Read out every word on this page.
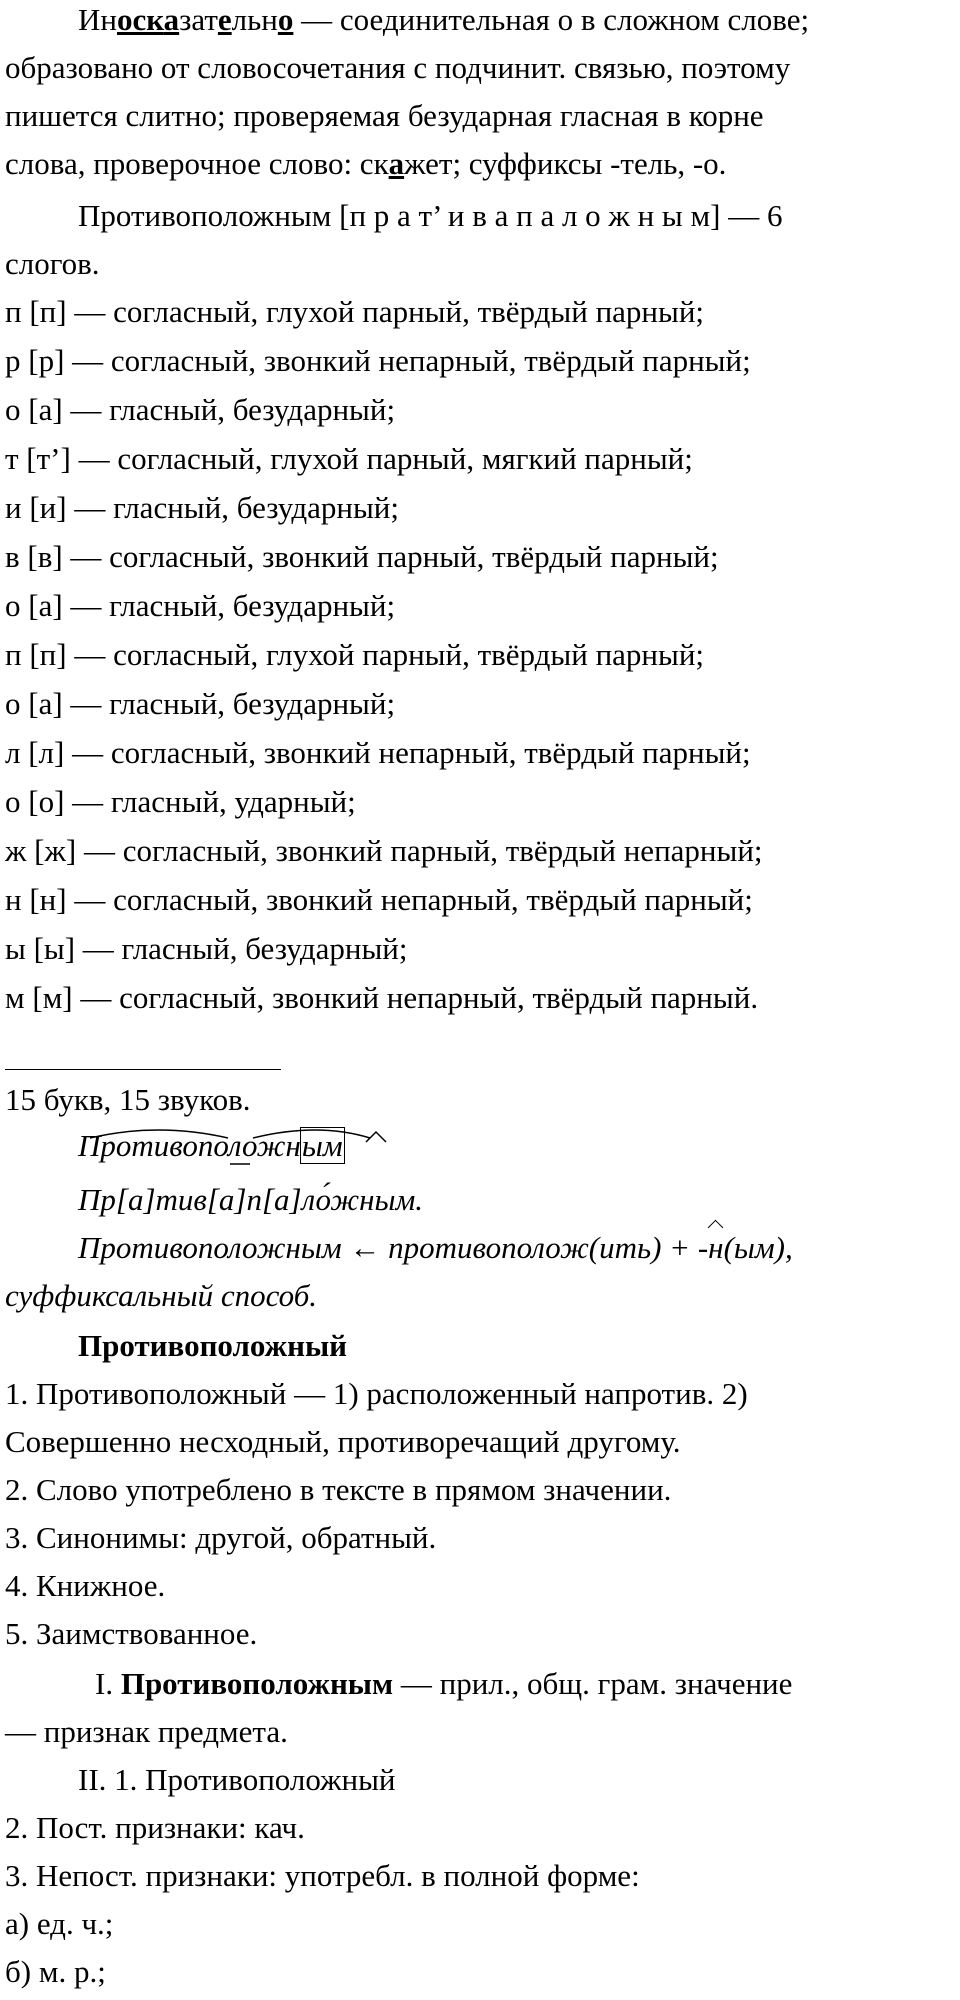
Иносказательно — соединительная о в сложном слове;
образовано от словосочетания с подчинит. связью, поэтому
пишется слитно; проверяемая безударная гласная в корне
слова, проверочное слово: скажет; суффиксы -тель, -о.
Противоположным [п р а т’ и в а п а л о ж н ы м] — 6
слогов.
п [п] — согласный, глухой парный, твёрдый парный;
р [р] — согласный, звонкий непарный, твёрдый парный;
о [а] — гласный, безударный;
т [т’] — согласный, глухой парный, мягкий парный;
и [и] — гласный, безударный;
в [в] — согласный, звонкий парный, твёрдый парный;
о [а] — гласный, безударный;
п [п] — согласный, глухой парный, твёрдый парный;
о [а] — гласный, безударный;
л [л] — согласный, звонкий непарный, твёрдый парный;
о [о] — гласный, ударный;
ж [ж] — согласный, звонкий парный, твёрдый непарный;
н [н] — согласный, звонкий непарный, твёрдый парный;
ы [ы] — гласный, безударный;
м [м] — согласный, звонкий непарный, твёрдый парный.
15 букв, 15 звуков.
Противоположным
Пр[а]тив[а]п[а]ло́жным.
Противоположным ← противополож(ить) + -н(ым),
суффиксальный способ.
Противоположный
1. Противоположный — 1) расположенный напротив. 2)
Совершенно несходный, противоречащий другому.
2. Слово употреблено в тексте в прямом значении.
3. Синонимы: другой, обратный.
4. Книжное.
5. Заимствованное.
I. Противоположным — прил., общ. грам. значение
— признак предмета.
II. 1. Противоположный
2. Пост. признаки: кач.
3. Непост. признаки: употребл. в полной форме:
а) ед. ч.;
б) м. р.;
